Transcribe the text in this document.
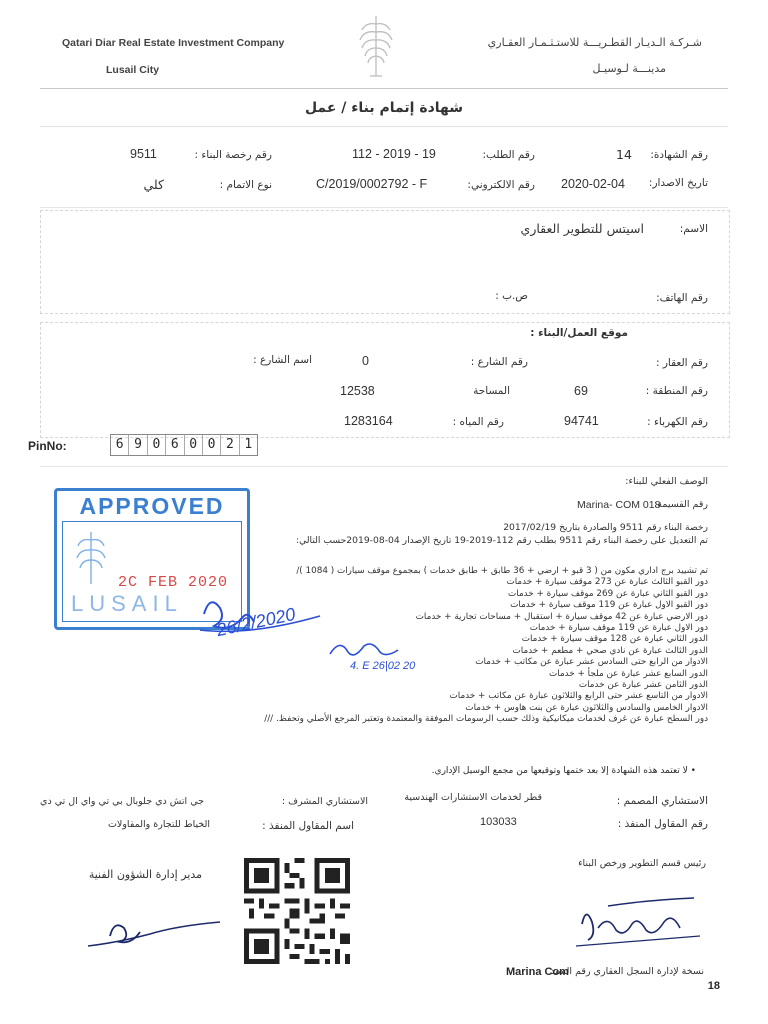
Qatari Diar Real Estate Investment Company
Lusail City
شـركـة الـديـار القطـريـــة للاستـثـمـار العقـاري
مدينـــة لـوسيـل
شهادة إتمام بناء / عمل
رقم الشهادة:
14
رقم الطلب:
112 - 2019 - 19
رقم رخصة البناء :
9511
تاريخ الاصدار:
2020-02-04
رقم الالكتروني:
C/2019/0002792 - F
نوع الاتمام :
كلي
الاسم:
اسيتس للتطوير العقاري
رقم الهاتف:
ص.ب :
موقع العمل/البناء :
رقم العقار :
رقم الشارع :
0
اسم الشارع :
رقم المنطقة :
69
المساحة
12538
رقم الكهرباء :
94741
رقم المياه :
1283164
PinNo:	6 9 0 6 0 0 2 1
الوصف الفعلي للبناء:
رقم القسيمة:
Marina- COM 018
رخصة البناء رقم 9511 والصادرة بتاريخ 2017/02/19
تم التعديل على رخصة البناء رقم 9511 بطلب رقم 112-2019-19 تاريخ الإصدار 04-08-2019حسب التالي:
تم تشييد برج اداري مكون من ( 3 قبو + ارضي + 36 طابق + طابق خدمات ) بمجموع موقف سيارات ( 1084 )/
دور القبو الثالث عبارة عن 273 موقف سيارة + خدمات
دور القبو الثاني عبارة عن 269 موقف سيارة + خدمات
دور القبو الاول عبارة عن 119 موقف سيارة + خدمات
دور الارضي عبارة عن 42 موقف سيارة + استقبال + مساحات تجارية + خدمات
دور الاول عبارة عن 119 موقف سيارة + خدمات
الدور الثاني عبارة عن 128 موقف سيارة + خدمات
الدور الثالث عبارة عن نادي صحي + مطعم + خدمات
الادوار من الرابع حتى السادس عشر عبارة عن مكاتب + خدمات
الدور السابع عشر عبارة عن ملجأ + خدمات
الدور الثامن عشر عبارة عن خدمات
الادوار من التاسع عشر حتى الرابع والثلاثون عبارة عن مكاتب + خدمات
الادوار الخامس والسادس والثلاثون عبارة عن بنت هاوس + خدمات
دور السطح عبارة عن غرف لخدمات ميكانيكية وذلك حسب الرسومات الموفقة والمعتمدة وتعتبر المرجع الأصلي وتحفظ. ///
APPROVED
2C FEB 2020
LUSAIL
26/2/2020
4. E 26|02 20
• لا تعتمد هذه الشهادة إلا بعد ختمها وتوقيعها من مجمع الوسيل الإداري.
الاستشاري المصمم :
قطر لخدمات الاستشارات الهندسية
الاستشاري المشرف :
جي اتش دي جلوبال بي تي واي ال تي دي
رقم المقاول المنفذ :
103033
اسم المقاول المنفذ :
الخياط للتجارة والمقاولات
مدير إدارة الشؤون الفنية
رئيس قسم التطوير ورخص البناء
نسخة لإدارة السجل العقاري رقم السند
Marina Com
18
